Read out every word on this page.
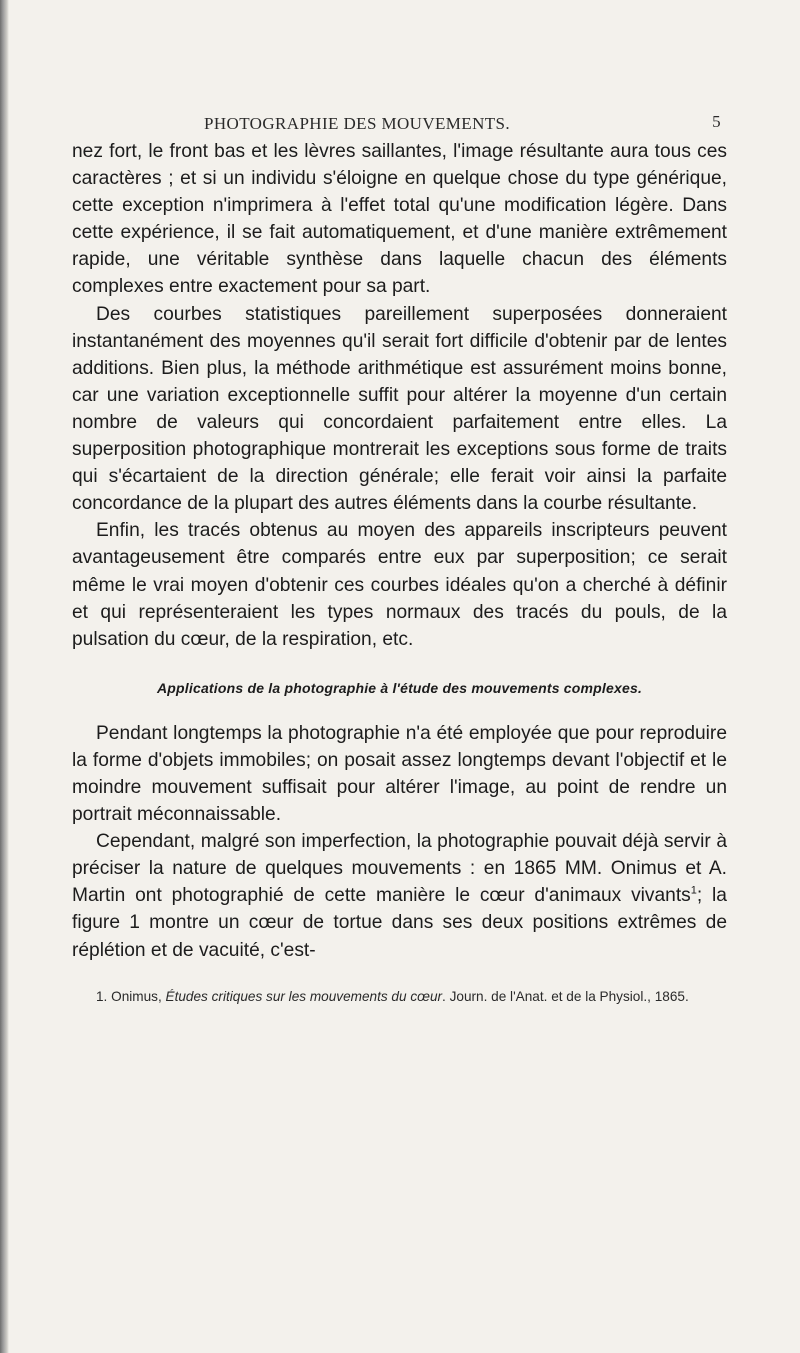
PHOTOGRAPHIE DES MOUVEMENTS.	5

nez fort, le front bas et les lèvres saillantes, l'image résultante aura tous ces caractères ; et si un individu s'éloigne en quelque chose du type générique, cette exception n'imprimera à l'effet total qu'une modification légère. Dans cette expérience, il se fait automatiquement, et d'une manière extrêmement rapide, une véritable synthèse dans laquelle chacun des éléments complexes entre exactement pour sa part.

Des courbes statistiques pareillement superposées donneraient instantanément des moyennes qu'il serait fort difficile d'obtenir par de lentes additions. Bien plus, la méthode arithmétique est assurément moins bonne, car une variation exceptionnelle suffit pour altérer la moyenne d'un certain nombre de valeurs qui concordaient parfaitement entre elles. La superposition photographique montrerait les exceptions sous forme de traits qui s'écartaient de la direction générale; elle ferait voir ainsi la parfaite concordance de la plupart des autres éléments dans la courbe résultante.

Enfin, les tracés obtenus au moyen des appareils inscripteurs peuvent avantageusement être comparés entre eux par superposition; ce serait même le vrai moyen d'obtenir ces courbes idéales qu'on a cherché à définir et qui représenteraient les types normaux des tracés du pouls, de la pulsation du cœur, de la respiration, etc.

Applications de la photographie à l'étude des mouvements complexes.

Pendant longtemps la photographie n'a été employée que pour reproduire la forme d'objets immobiles; on posait assez longtemps devant l'objectif et le moindre mouvement suffisait pour altérer l'image, au point de rendre un portrait méconnaissable.

Cependant, malgré son imperfection, la photographie pouvait déjà servir à préciser la nature de quelques mouvements : en 1865 MM. Onimus et A. Martin ont photographié de cette manière le cœur d'animaux vivants$^1$; la figure 1 montre un cœur de tortue dans ses deux positions extrêmes de réplétion et de vacuité, c'est-

1. Onimus, Études critiques sur les mouvements du cœur. Journ. de l'Anat. et de la Physiol., 1865.
